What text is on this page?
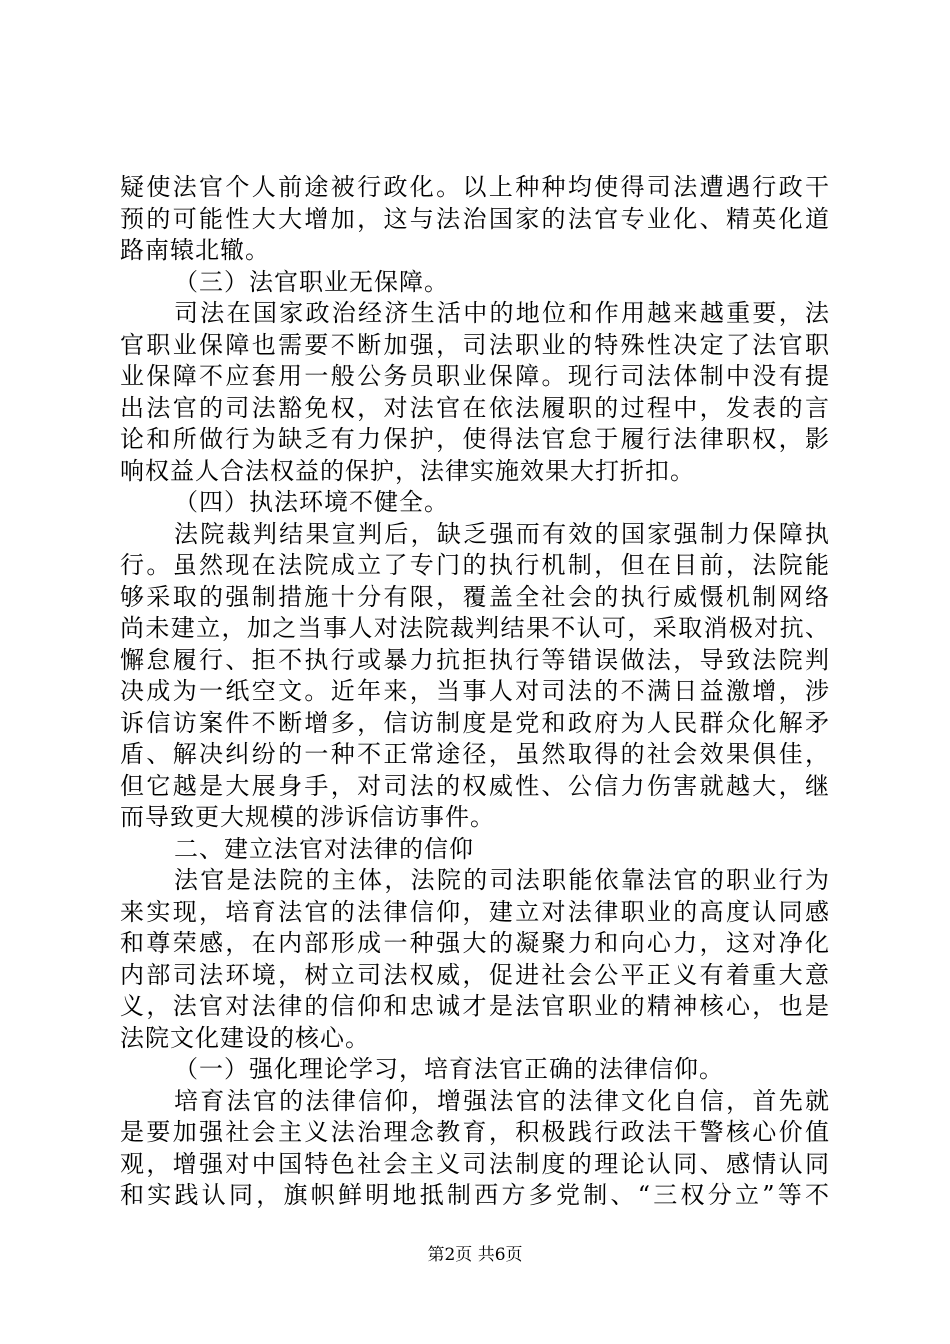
疑使法官个人前途被行政化。以上种种均使得司法遭遇行政干
预的可能性大大增加，这与法治国家的法官专业化、精英化道
路南辕北辙。
（三）法官职业无保障。
司法在国家政治经济生活中的地位和作用越来越重要，法
官职业保障也需要不断加强，司法职业的特殊性决定了法官职
业保障不应套用一般公务员职业保障。现行司法体制中没有提
出法官的司法豁免权，对法官在依法履职的过程中，发表的言
论和所做行为缺乏有力保护，使得法官怠于履行法律职权，影
响权益人合法权益的保护，法律实施效果大打折扣。
（四）执法环境不健全。
法院裁判结果宣判后，缺乏强而有效的国家强制力保障执
行。虽然现在法院成立了专门的执行机制，但在目前，法院能
够采取的强制措施十分有限，覆盖全社会的执行威慑机制网络
尚未建立，加之当事人对法院裁判结果不认可，采取消极对抗、
懈怠履行、拒不执行或暴力抗拒执行等错误做法，导致法院判
决成为一纸空文。近年来，当事人对司法的不满日益激增，涉
诉信访案件不断增多，信访制度是党和政府为人民群众化解矛
盾、解决纠纷的一种不正常途径，虽然取得的社会效果俱佳，
但它越是大展身手，对司法的权威性、公信力伤害就越大，继
而导致更大规模的涉诉信访事件。
二、建立法官对法律的信仰
法官是法院的主体，法院的司法职能依靠法官的职业行为
来实现，培育法官的法律信仰，建立对法律职业的高度认同感
和尊荣感，在内部形成一种强大的凝聚力和向心力，这对净化
内部司法环境，树立司法权威，促进社会公平正义有着重大意
义，法官对法律的信仰和忠诚才是法官职业的精神核心，也是
法院文化建设的核心。
（一）强化理论学习，培育法官正确的法律信仰。
培育法官的法律信仰，增强法官的法律文化自信，首先就
是要加强社会主义法治理念教育，积极践行政法干警核心价值
观，增强对中国特色社会主义司法制度的理论认同、感情认同
和实践认同，旗帜鲜明地抵制西方多党制、“三权分立”等不
第2页 共6页
